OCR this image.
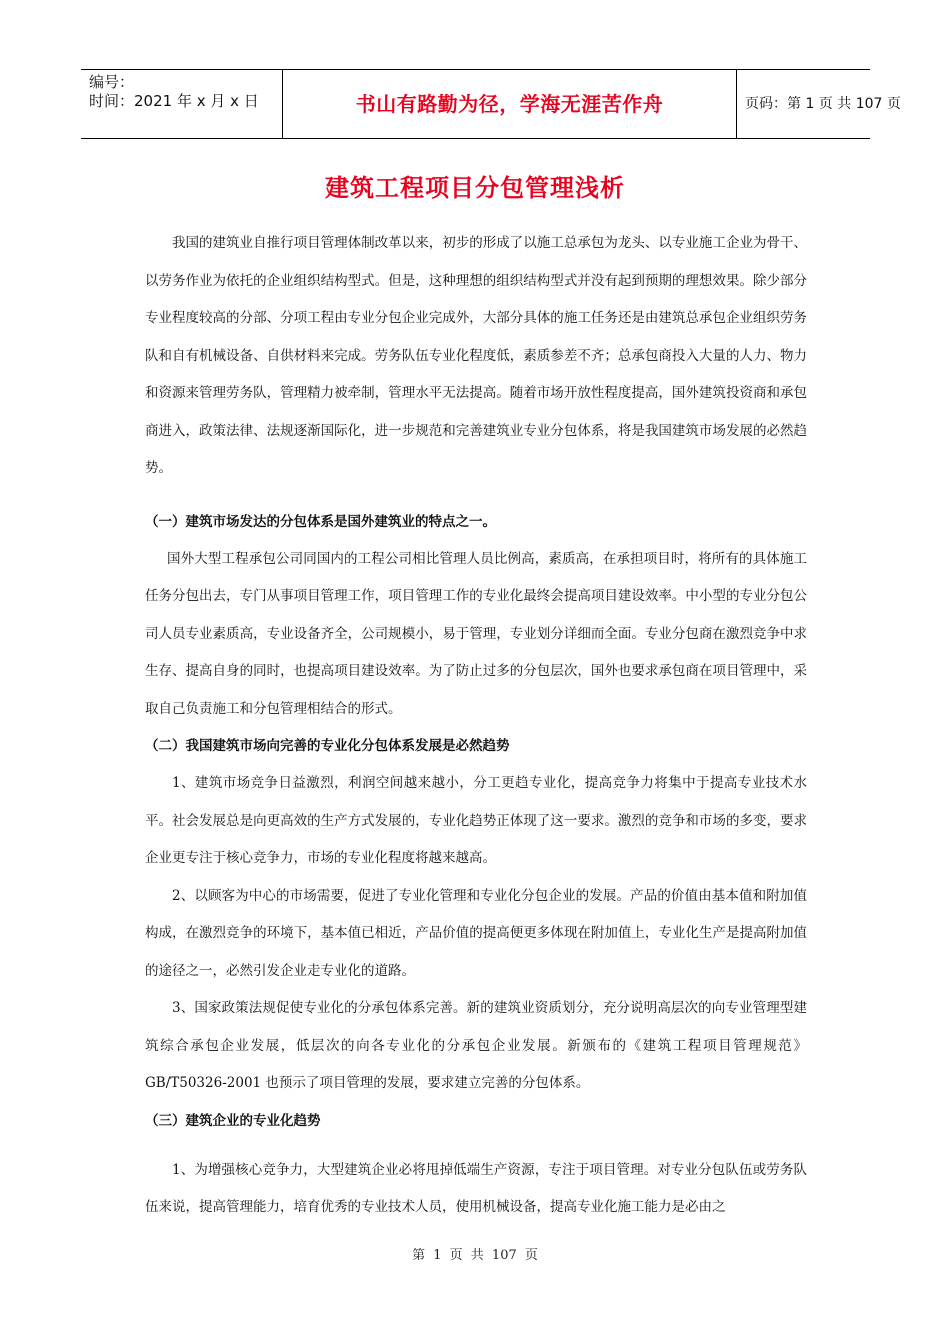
编号：
时间：2021 年 x 月 x 日	书山有路勤为径，学海无涯苦作舟	页码：第 1 页 共 107 页
建筑工程项目分包管理浅析

我国的建筑业自推行项目管理体制改革以来，初步的形成了以施工总承包为龙头、以专业施工企业为骨干、以劳务作业为依托的企业组织结构型式。但是，这种理想的组织结构型式并没有起到预期的理想效果。除少部分专业程度较高的分部、分项工程由专业分包企业完成外，大部分具体的施工任务还是由建筑总承包企业组织劳务队和自有机械设备、自供材料来完成。劳务队伍专业化程度低，素质参差不齐；总承包商投入大量的人力、物力和资源来管理劳务队，管理精力被牵制，管理水平无法提高。随着市场开放性程度提高，国外建筑投资商和承包商进入，政策法律、法规逐渐国际化，进一步规范和完善建筑业专业分包体系，将是我国建筑市场发展的必然趋势。

（一）建筑市场发达的分包体系是国外建筑业的特点之一。

国外大型工程承包公司同国内的工程公司相比管理人员比例高，素质高，在承担项目时，将所有的具体施工任务分包出去，专门从事项目管理工作，项目管理工作的专业化最终会提高项目建设效率。中小型的专业分包公司人员专业素质高，专业设备齐全，公司规模小，易于管理，专业划分详细而全面。专业分包商在激烈竞争中求生存、提高自身的同时，也提高项目建设效率。为了防止过多的分包层次，国外也要求承包商在项目管理中，采取自己负责施工和分包管理相结合的形式。

（二）我国建筑市场向完善的专业化分包体系发展是必然趋势

1、建筑市场竞争日益激烈，利润空间越来越小，分工更趋专业化，提高竞争力将集中于提高专业技术水平。社会发展总是向更高效的生产方式发展的，专业化趋势正体现了这一要求。激烈的竞争和市场的多变，要求企业更专注于核心竞争力，市场的专业化程度将越来越高。

2、以顾客为中心的市场需要，促进了专业化管理和专业化分包企业的发展。产品的价值由基本值和附加值构成，在激烈竞争的环境下，基本值已相近，产品价值的提高便更多体现在附加值上，专业化生产是提高附加值的途径之一，必然引发企业走专业化的道路。

3、国家政策法规促使专业化的分承包体系完善。新的建筑业资质划分，充分说明高层次的向专业管理型建筑综合承包企业发展，低层次的向各专业化的分承包企业发展。新颁布的《建筑工程项目管理规范》GB/T50326-2001 也预示了项目管理的发展，要求建立完善的分包体系。

（三）建筑企业的专业化趋势

1、为增强核心竞争力，大型建筑企业必将甩掉低端生产资源，专注于项目管理。对专业分包队伍或劳务队伍来说，提高管理能力，培育优秀的专业技术人员，使用机械设备，提高专业化施工能力是必由之

第 1 页 共 107 页
